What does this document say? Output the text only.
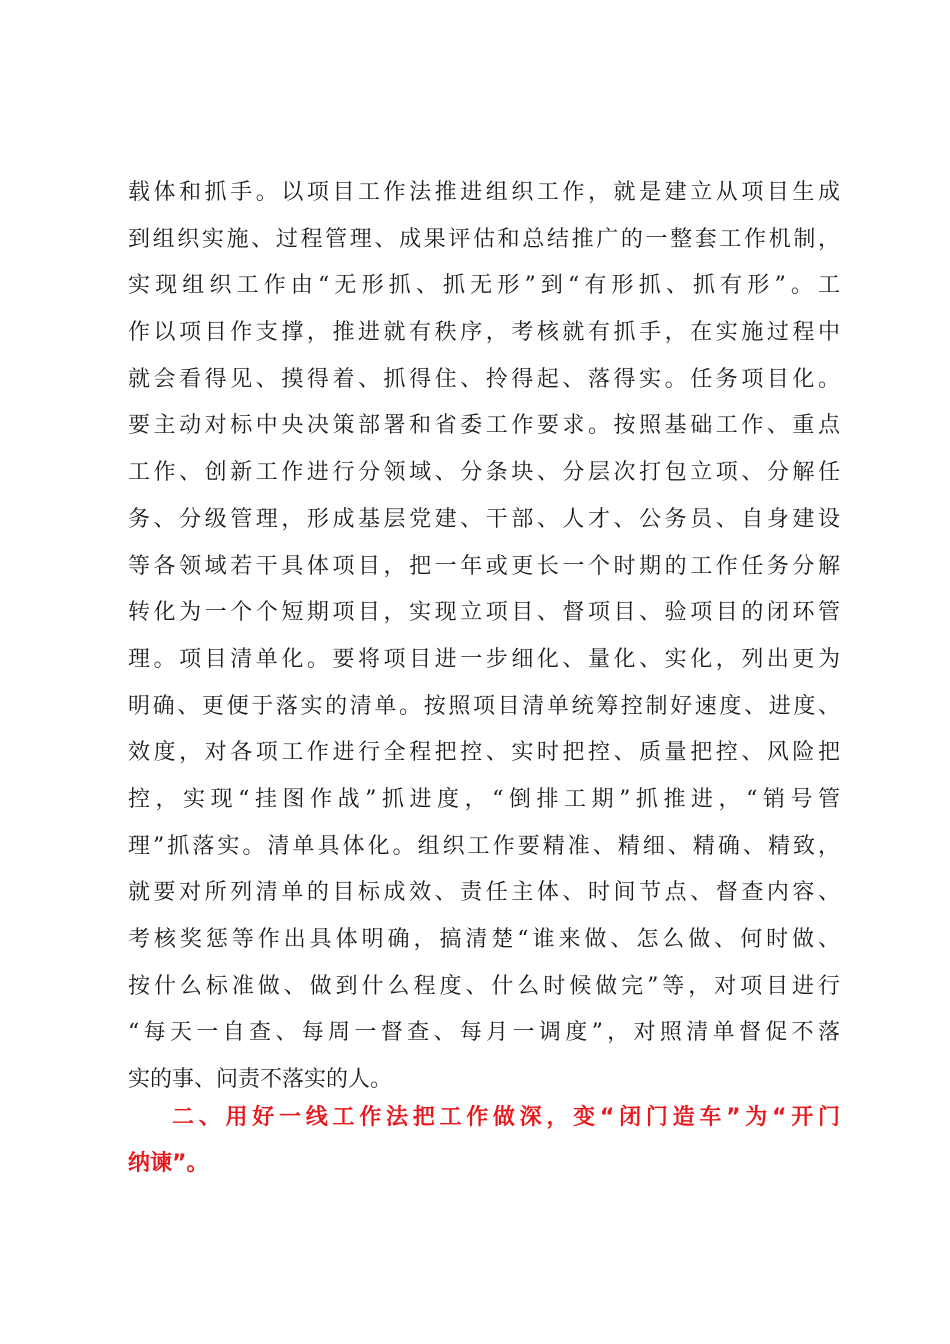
载体和抓手。以项目工作法推进组织工作，就是建立从项目生成
到组织实施、过程管理、成果评估和总结推广的一整套工作机制，
实现组织工作由“无形抓、抓无形”到“有形抓、抓有形”。工
作以项目作支撑，推进就有秩序，考核就有抓手，在实施过程中
就会看得见、摸得着、抓得住、拎得起、落得实。任务项目化。
要主动对标中央决策部署和省委工作要求。按照基础工作、重点
工作、创新工作进行分领域、分条块、分层次打包立项、分解任
务、分级管理，形成基层党建、干部、人才、公务员、自身建设
等各领域若干具体项目，把一年或更长一个时期的工作任务分解
转化为一个个短期项目，实现立项目、督项目、验项目的闭环管
理。项目清单化。要将项目进一步细化、量化、实化，列出更为
明确、更便于落实的清单。按照项目清单统筹控制好速度、进度、
效度，对各项工作进行全程把控、实时把控、质量把控、风险把
控，实现“挂图作战”抓进度，“倒排工期”抓推进，“销号管
理”抓落实。清单具体化。组织工作要精准、精细、精确、精致，
就要对所列清单的目标成效、责任主体、时间节点、督查内容、
考核奖惩等作出具体明确，搞清楚“谁来做、怎么做、何时做、
按什么标准做、做到什么程度、什么时候做完”等，对项目进行
“每天一自查、每周一督查、每月一调度”，对照清单督促不落
实的事、问责不落实的人。
二、用好一线工作法把工作做深，变“闭门造车”为“开门
纳谏”。
